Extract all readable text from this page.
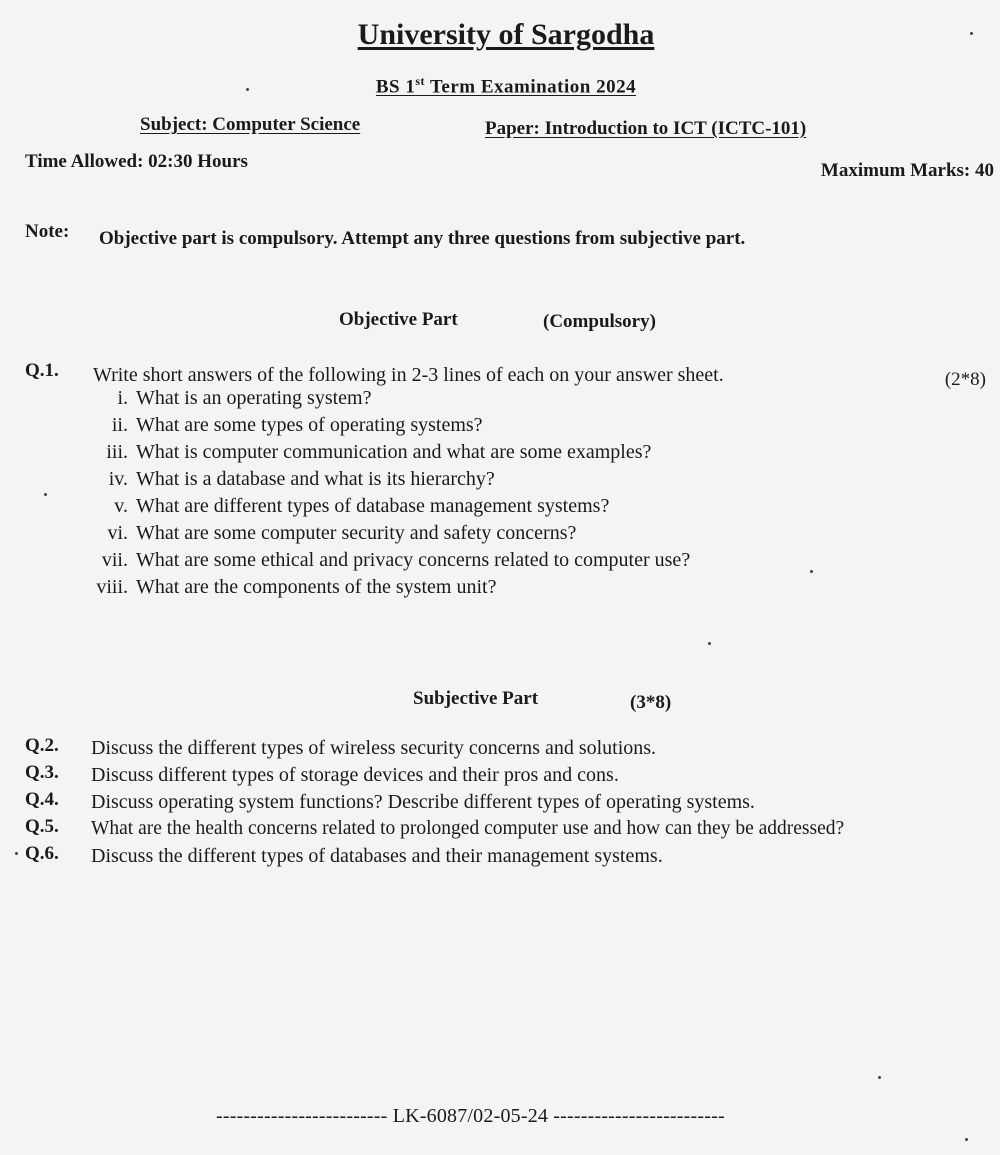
University of Sargodha
BS 1st Term Examination 2024
Subject: Computer Science	Paper: Introduction to ICT (ICTC-101)
Time Allowed: 02:30 Hours	Maximum Marks: 40
Note: Objective part is compulsory. Attempt any three questions from subjective part.
Objective Part	(Compulsory)
Q.1. Write short answers of the following in 2-3 lines of each on your answer sheet.	(2*8)
i. What is an operating system?
ii. What are some types of operating systems?
iii. What is computer communication and what are some examples?
iv. What is a database and what is its hierarchy?
v. What are different types of database management systems?
vi. What are some computer security and safety concerns?
vii. What are some ethical and privacy concerns related to computer use?
viii. What are the components of the system unit?
Subjective Part	(3*8)
Q.2. Discuss the different types of wireless security concerns and solutions.
Q.3. Discuss different types of storage devices and their pros and cons.
Q.4. Discuss operating system functions? Describe different types of operating systems.
Q.5. What are the health concerns related to prolonged computer use and how can they be addressed?
Q.6. Discuss the different types of databases and their management systems.
------------------------- LK-6087/02-05-24 -------------------------
